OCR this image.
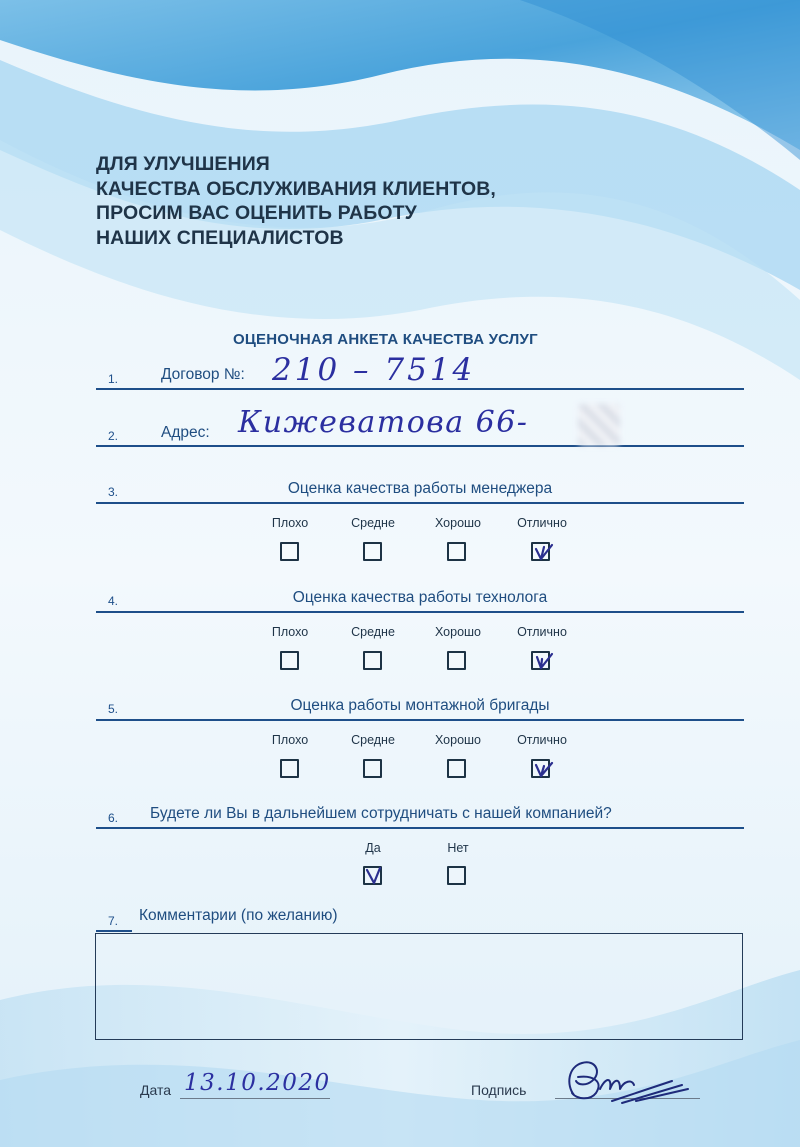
ДЛЯ УЛУЧШЕНИЯ
КАЧЕСТВА ОБСЛУЖИВАНИЯ КЛИЕНТОВ,
ПРОСИМ ВАС ОЦЕНИТЬ РАБОТУ
НАШИХ СПЕЦИАЛИСТОВ
ОЦЕНОЧНАЯ АНКЕТА КАЧЕСТВА УСЛУГ
1.	Договор №: 210 – 7514
2.	Адрес: Кижеватова 66-
3.	Оценка качества работы менеджера
Плохо	Средне	Хорошо	Отлично
4.	Оценка качества работы технолога
Плохо	Средне	Хорошо	Отлично
5.	Оценка работы монтажной бригады
Плохо	Средне	Хорошо	Отлично
6. Будете ли Вы в дальнейшем сотрудничать с нашей компанией?
Да	Нет
7. Комментарии (по желанию)
Дата 13.10.2020	Подпись
